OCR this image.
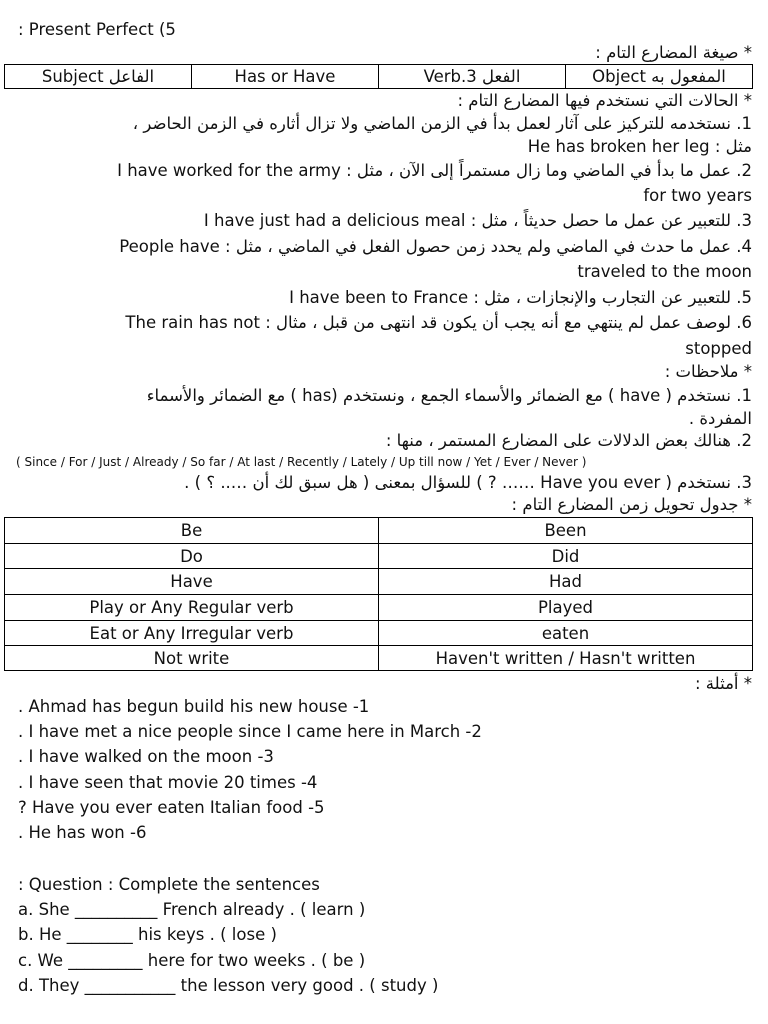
: Present Perfect (5
* صيغة المضارع التام :
Subject الفاعل	Has or Have	Verb.3 الفعل	Object المفعول به
* الحالات التي نستخدم فيها المضارع التام :
1. نستخدمه للتركيز على آثار لعمل بدأ في الزمن الماضي ولا تزال أثاره في الزمن الحاضر ،
مثل : He has broken her leg
2. عمل ما بدأ في الماضي وما زال مستمراً إلى الآن ، مثل : I have worked for the army
for two years
3. للتعبير عن عمل ما حصل حديثاً ، مثل : I have just had a delicious meal
4. عمل ما حدث في الماضي ولم يحدد زمن حصول الفعل في الماضي ، مثل : People have
traveled to the moon
5. للتعبير عن التجارب والإنجازات ، مثل : I have been to France
6. لوصف عمل لم ينتهي مع أنه يجب أن يكون قد انتهى من قبل ، مثال : The rain has not
stopped
* ملاحظات :
1. نستخدم ( have ) مع الضمائر والأسماء الجمع ، ونستخدم (has ) مع الضمائر والأسماء
المفردة .
2. هنالك بعض الدلالات على المضارع المستمر ، منها :
( Since / For / Just / Already / So far / At last / Recently / Lately / Up till now / Yet / Ever / Never )
3. نستخدم ( Have you ever …… ? ) للسؤال بمعنى ( هل سبق لك أن ….. ؟ ) .
* جدول تحويل زمن المضارع التام :
Be	Been
Do	Did
Have	Had
Play or Any Regular verb	Played
Eat or Any Irregular verb	eaten
Not write	Haven't written / Hasn't written
* أمثلة :
. Ahmad has begun build his new house -1
. I have met a nice people since I came here in March -2
. I have walked on the moon -3
. I have seen that movie 20 times -4
? Have you ever eaten Italian food -5
. He has won -6
: Question : Complete the sentences
a. She __________ French already . ( learn )
b. He ________ his keys . ( lose )
c. We _________ here for two weeks . ( be )
d. They ___________ the lesson very good . ( study )
